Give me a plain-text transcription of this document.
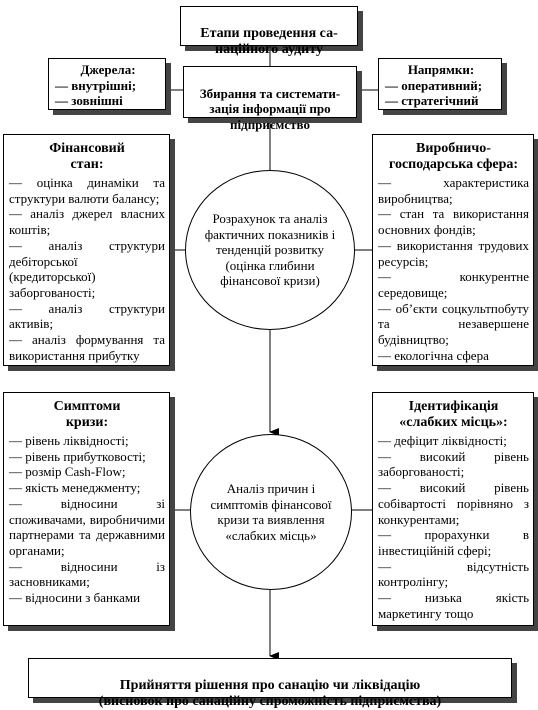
Етапи проведення са-
наційного аудиту

Джерела:
— внутрішні;
— зовнішні	Збирання та системати-
зація інформації про
підприємство

Напрямки:
— оперативний;
— стратегічний
Фінансовий
стан:
— оцінка динаміки та структури валюти балансу;
— аналіз джерел власних коштів;
— аналіз структури дебіторської (кредиторської) заборгованості;
— аналіз структури активів;
— аналіз формування та використання прибутку
Виробничо-
господарська сфера:
— характеристика виробництва;
— стан та використання основних фондів;
— використання трудових ресурсів;
— конкурентне середовище;
— об’єкти соцкультпобуту та незавершене будівництво;
— екологічна сфера
Розрахунок та аналіз фактичних показників і тенденцій розвитку (оцінка глибини фінансової кризи)
Симптоми
кризи:
— рівень ліквідності;
— рівень прибутковості;
— розмір Cash-Flow;
— якість менеджменту;
— відносини зі споживачами, виробничими партнерами та державними органами;
— відносини із засновниками;
— відносини з банками
Ідентифікація
«слабких місць»:
— дефіцит ліквідності;
— високий рівень заборгованості;
— високий рівень собівартості порівняно з конкурентами;
— прорахунки в інвестиційній сфері;
— відсутність контролінгу;
— низька якість маркетингу тощо
Аналіз причин і симптомів фінансової кризи та виявлення «слабких місць»

Прийняття рішення про санацію чи ліквідацію
(висновок про санаційну спроможність підприємства)
